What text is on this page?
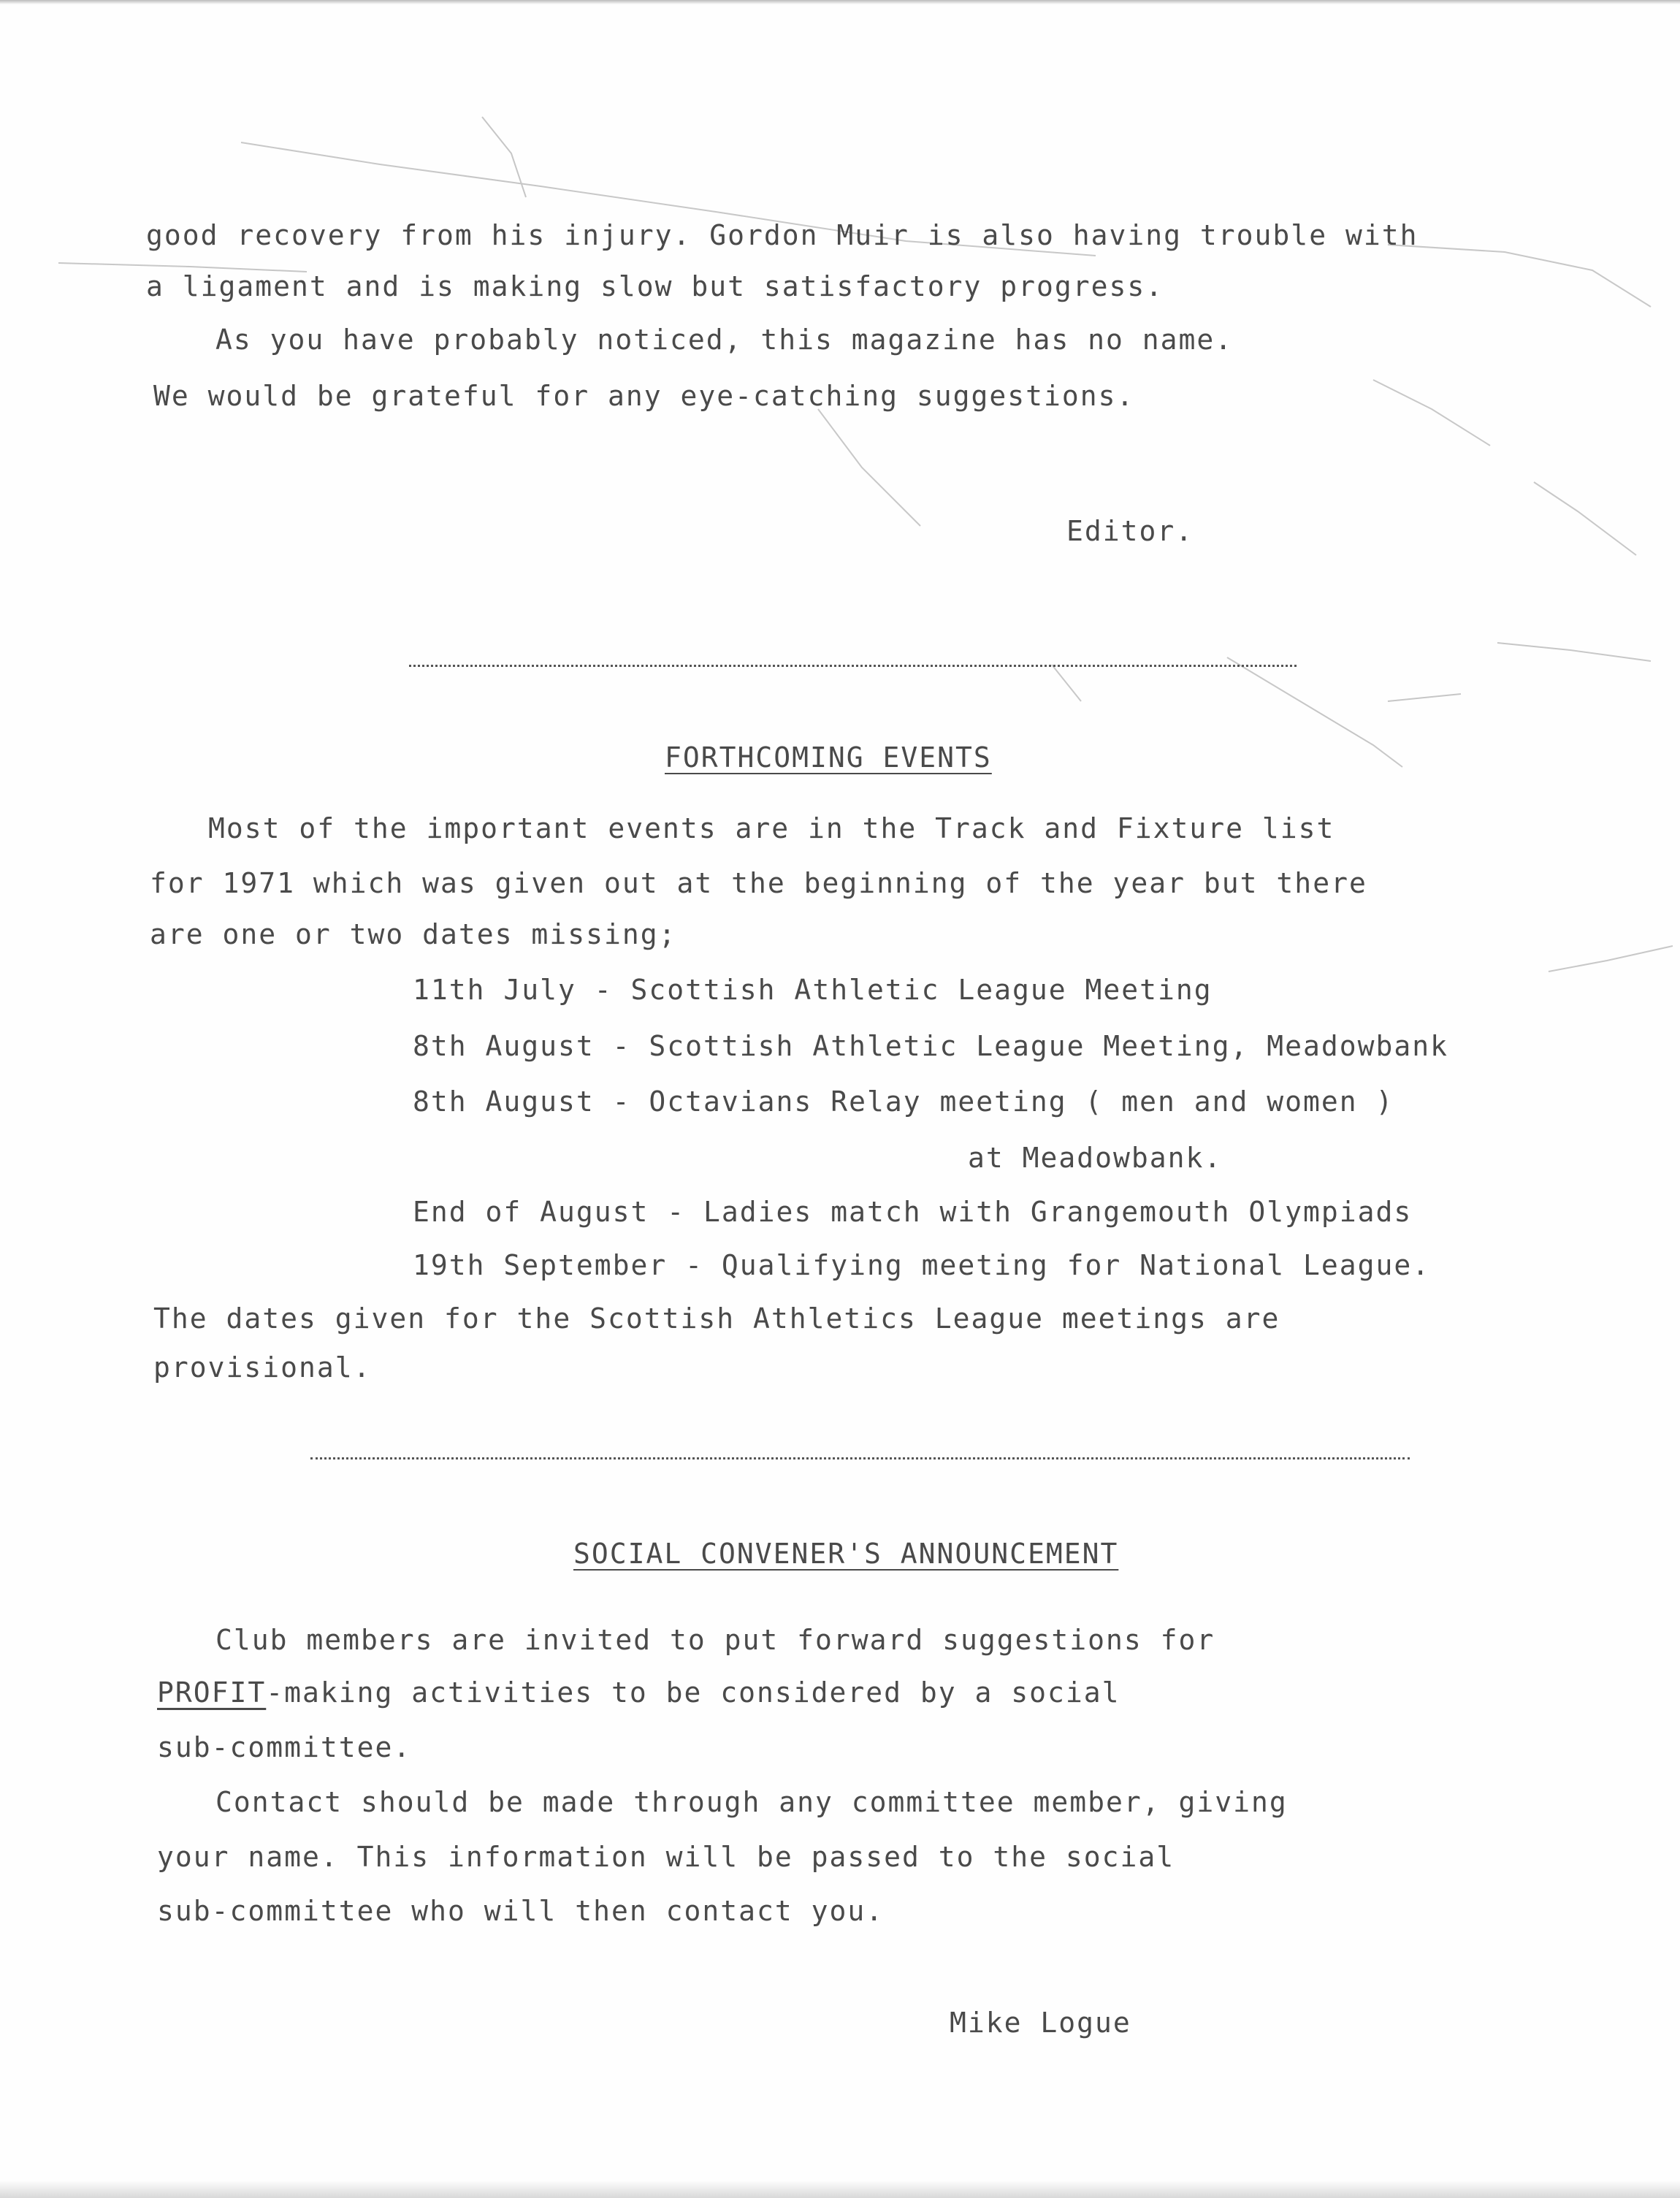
good recovery from his injury. Gordon Muir is also having trouble with
a ligament and is making slow but satisfactory progress.
As you have probably noticed, this magazine has no name.
We would be grateful for any eye-catching suggestions.
Editor.
FORTHCOMING EVENTS
Most of the important events are in the Track and Fixture list
for 1971 which was given out at the beginning of the year but there
are one or two dates missing;
11th July - Scottish Athletic League Meeting
8th August - Scottish Athletic League Meeting, Meadowbank
8th August - Octavians Relay meeting ( men and women )
at Meadowbank.
End of August - Ladies match with Grangemouth Olympiads
19th September - Qualifying meeting for National League.
The dates given for the Scottish Athletics League meetings are
provisional.
SOCIAL CONVENER'S ANNOUNCEMENT
Club members are invited to put forward suggestions for
PROFIT-making activities to be considered by a social
sub-committee.
Contact should be made through any committee member, giving
your name. This information will be passed to the social
sub-committee who will then contact you.
Mike Logue
